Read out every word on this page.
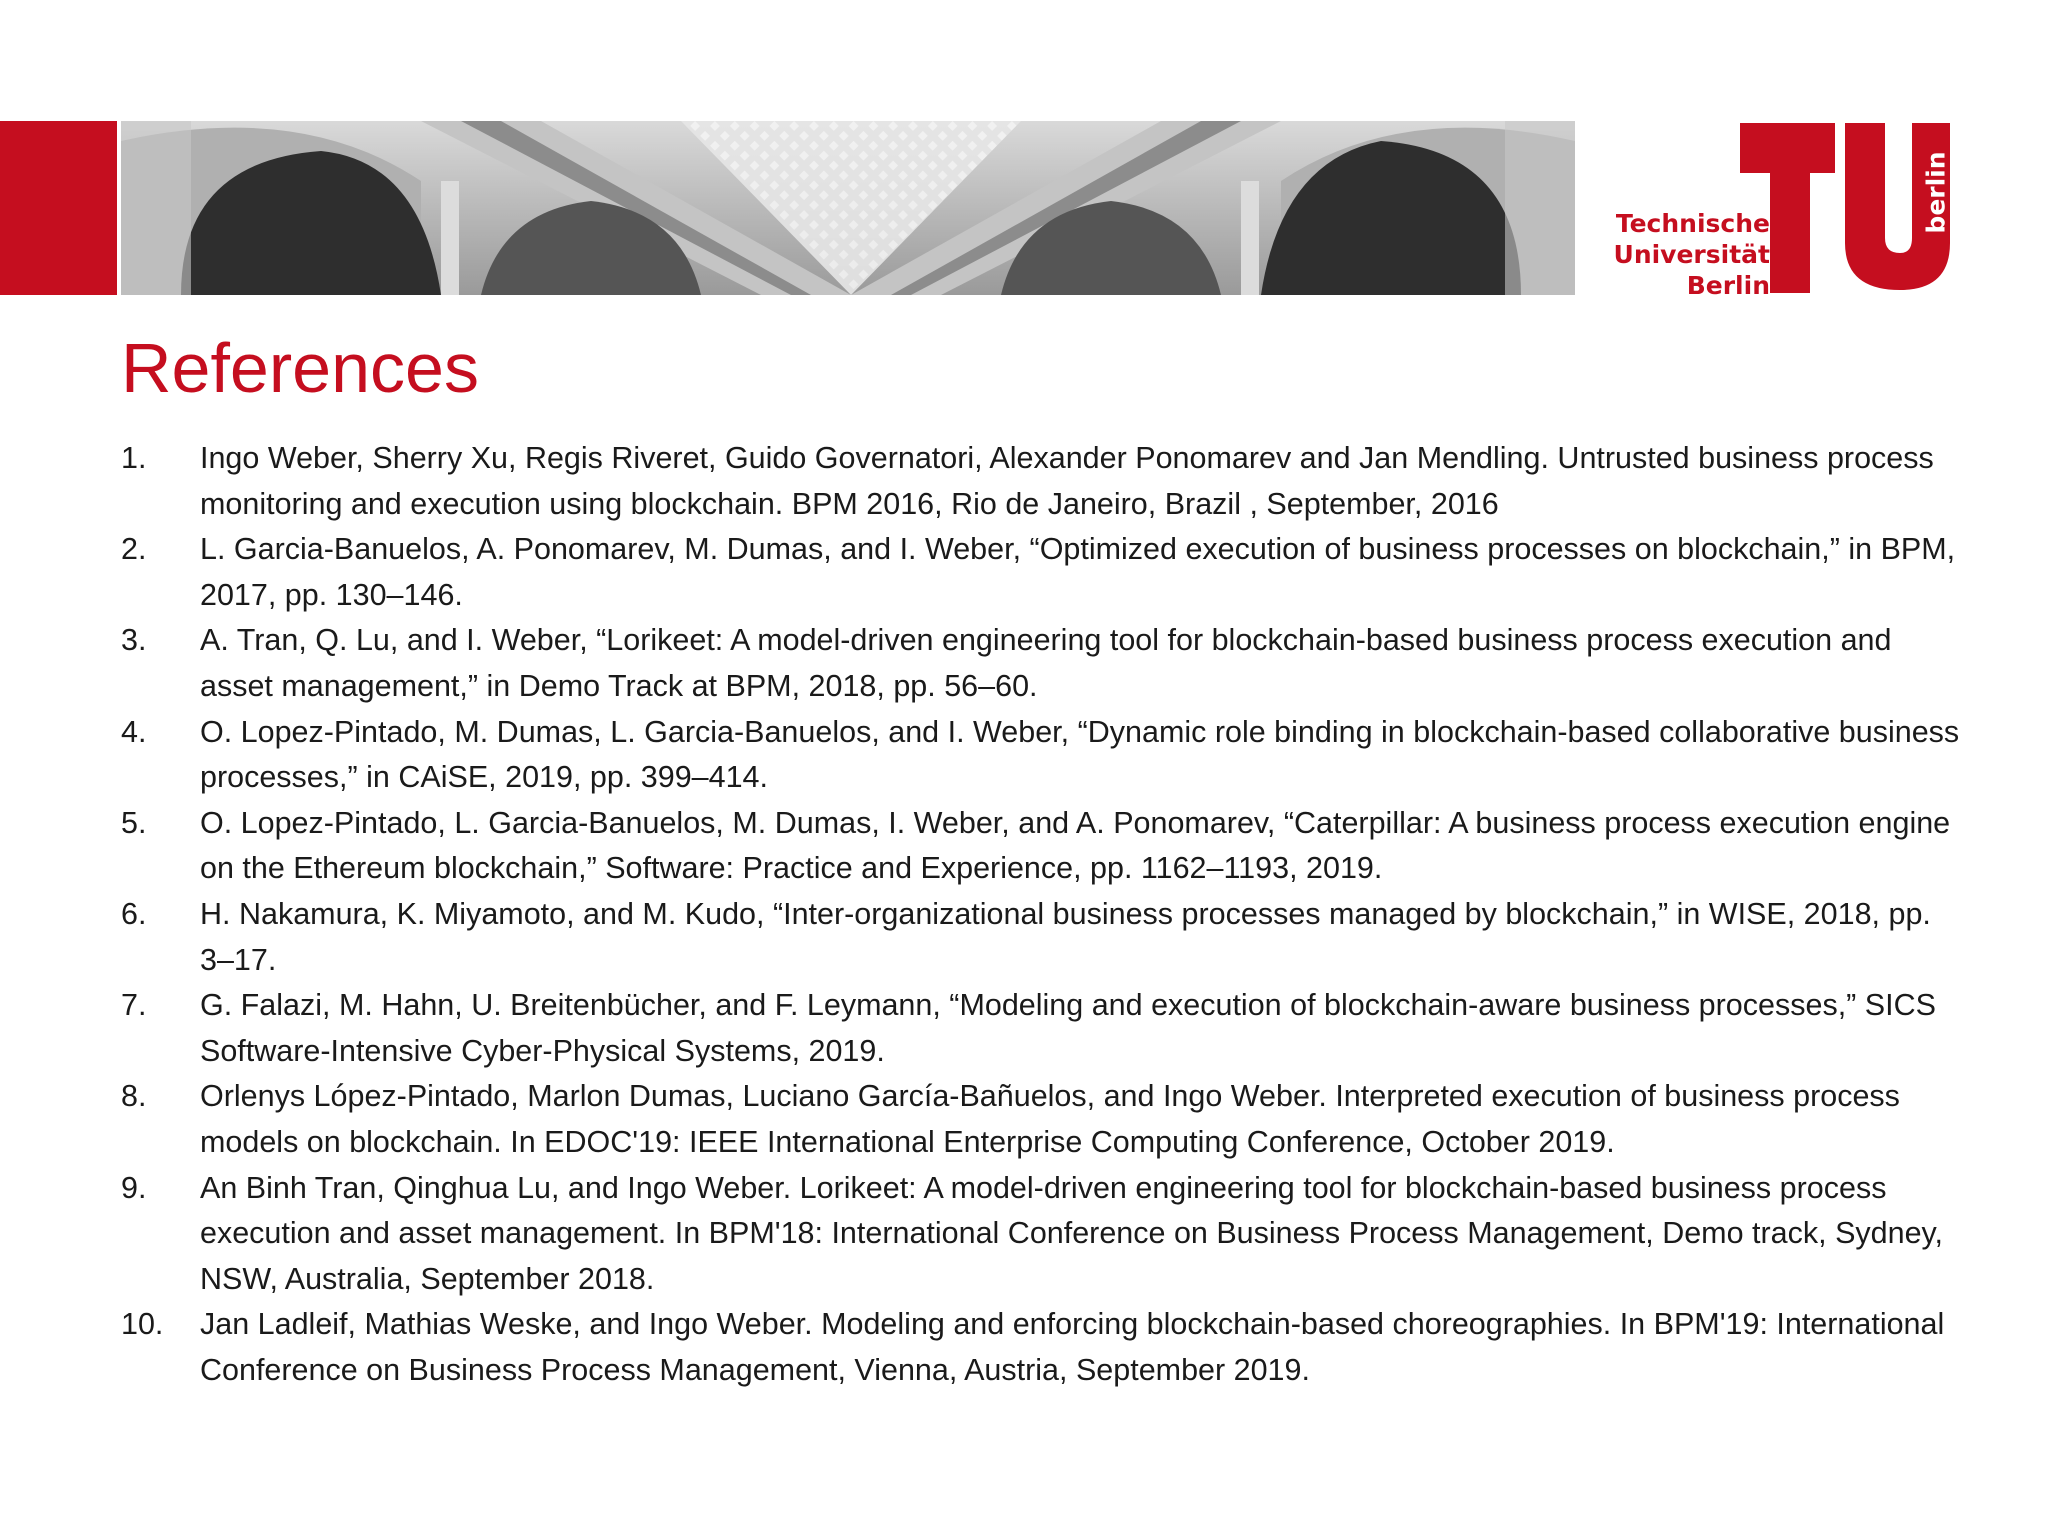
Technische
Universität
Berlin
berlin
References
1.	Ingo Weber, Sherry Xu, Regis Riveret, Guido Governatori, Alexander Ponomarev and Jan Mendling. Untrusted business process monitoring and execution using blockchain. BPM 2016, Rio de Janeiro, Brazil , September, 2016
2.	L. Garcia-Banuelos, A. Ponomarev, M. Dumas, and I. Weber, “Optimized execution of business processes on blockchain,” in BPM, 2017, pp. 130–146.
3.	A. Tran, Q. Lu, and I. Weber, “Lorikeet: A model-driven engineering tool for blockchain-based business process execution and asset management,” in Demo Track at BPM, 2018, pp. 56–60.
4.	O. Lopez-Pintado, M. Dumas, L. Garcia-Banuelos, and I. Weber, “Dynamic role binding in blockchain-based collaborative business processes,” in CAiSE, 2019, pp. 399–414.
5.	O. Lopez-Pintado, L. Garcia-Banuelos, M. Dumas, I. Weber, and A. Ponomarev, “Caterpillar: A business process execution engine on the Ethereum blockchain,” Software: Practice and Experience, pp. 1162–1193, 2019.
6.	H. Nakamura, K. Miyamoto, and M. Kudo, “Inter-organizational business processes managed by blockchain,” in WISE, 2018, pp. 3–17.
7.	G. Falazi, M. Hahn, U. Breitenbücher, and F. Leymann, “Modeling and execution of blockchain-aware business processes,” SICS Software-Intensive Cyber-Physical Systems, 2019.
8.	Orlenys López-Pintado, Marlon Dumas, Luciano García-Bañuelos, and Ingo Weber. Interpreted execution of business process models on blockchain. In EDOC'19: IEEE International Enterprise Computing Conference, October 2019.
9.	An Binh Tran, Qinghua Lu, and Ingo Weber. Lorikeet: A model-driven engineering tool for blockchain-based business process execution and asset management. In BPM'18: International Conference on Business Process Management, Demo track, Sydney, NSW, Australia, September 2018.
10.	Jan Ladleif, Mathias Weske, and Ingo Weber. Modeling and enforcing blockchain-based choreographies. In BPM'19: International Conference on Business Process Management, Vienna, Austria, September 2019.
